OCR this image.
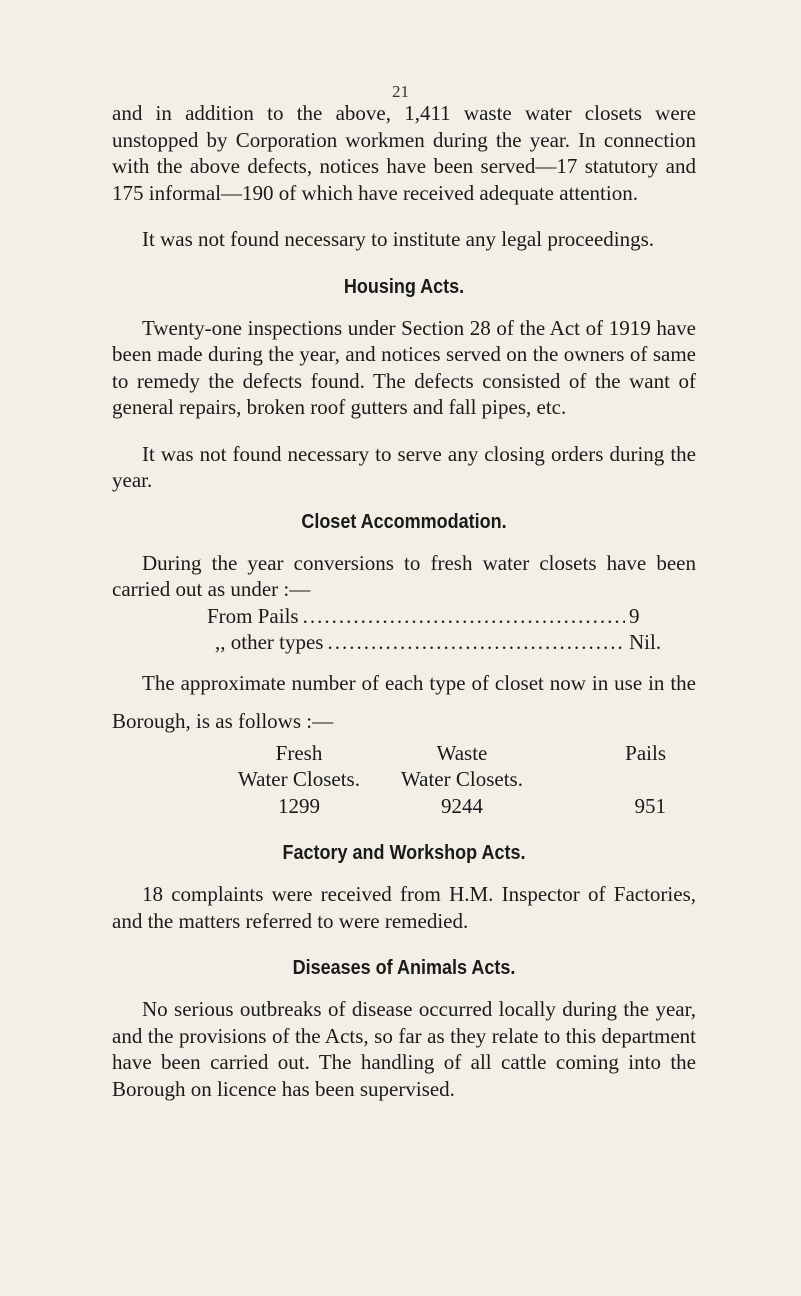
21

and in addition to the above, 1,411 waste water closets were unstopped by Corporation workmen during the year. In connection with the above defects, notices have been served—17 statutory and 175 informal—190 of which have received adequate attention.

It was not found necessary to institute any legal proceedings.

Housing Acts.

Twenty-one inspections under Section 28 of the Act of 1919 have been made during the year, and notices served on the owners of same to remedy the defects found. The defects consisted of the want of general repairs, broken roof gutters and fall pipes, etc.

It was not found necessary to serve any closing orders during the year.

Closet Accommodation.

During the year conversions to fresh water closets have been carried out as under :—

From Pails .....	9
,, other types .....	Nil.

The approximate number of each type of closet now in use in the Borough, is as follows :—

Fresh	Waste	Pails
Water Closets.	Water Closets.
1299	9244	951
Factory and Workshop Acts.

18 complaints were received from H.M. Inspector of Factories, and the matters referred to were remedied.

Diseases of Animals Acts.

No serious outbreaks of disease occurred locally during the year, and the provisions of the Acts, so far as they relate to this department have been carried out. The handling of all cattle coming into the Borough on licence has been supervised.
